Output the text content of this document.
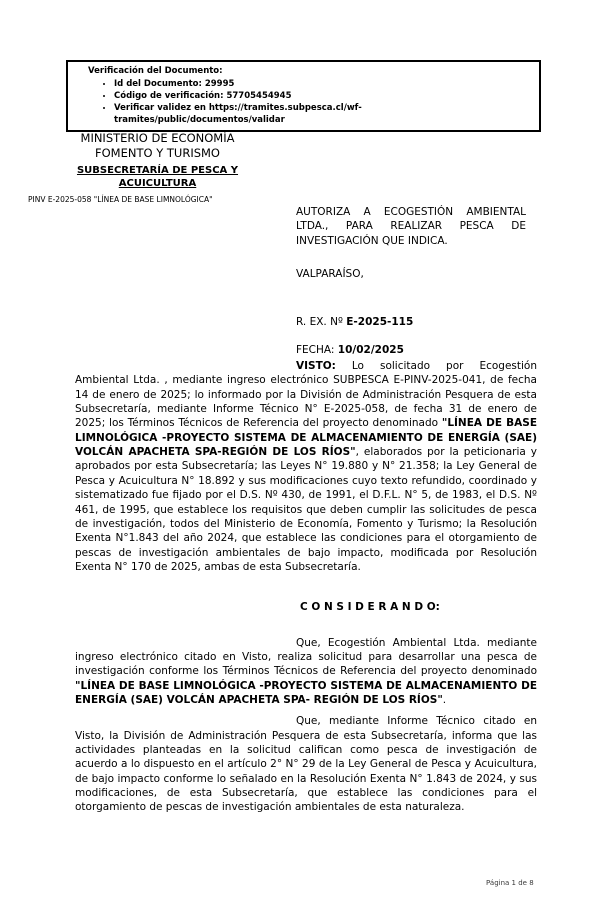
Verificación del Documento:
• Id del Documento: 29995
• Código de verificación: 57705454945
• Verificar validez en https://tramites.subpesca.cl/wf-tramites/public/documentos/validar
MINISTERIO DE ECONOMÍA
FOMENTO Y TURISMO
SUBSECRETARÍA DE PESCA Y
ACUICULTURA
PINV E-2025-058 "LÍNEA DE BASE LIMNOLÓGICA"

AUTORIZA A ECOGESTIÓN AMBIENTAL LTDA., PARA REALIZAR PESCA DE INVESTIGACIÓN QUE INDICA.

VALPARAÍSO,

R. EX. Nº E-2025-115

FECHA: 10/02/2025

VISTO: Lo solicitado por Ecogestión Ambiental Ltda. , mediante ingreso electrónico SUBPESCA E-PINV-2025-041, de fecha 14 de enero de 2025; lo informado por la División de Administración Pesquera de esta Subsecretaría, mediante Informe Técnico N° E-2025-058, de fecha 31 de enero de 2025; los Términos Técnicos de Referencia del proyecto denominado "LÍNEA DE BASE LIMNOLÓGICA -PROYECTO SISTEMA DE ALMACENAMIENTO DE ENERGÍA (SAE) VOLCÁN APACHETA SPA-REGIÓN DE LOS RÍOS", elaborados por la peticionaria y aprobados por esta Subsecretaría; las Leyes N° 19.880 y N° 21.358; la Ley General de Pesca y Acuicultura N° 18.892 y sus modificaciones cuyo texto refundido, coordinado y sistematizado fue fijado por el D.S. Nº 430, de 1991, el D.F.L. N° 5, de 1983, el D.S. Nº 461, de 1995, que establece los requisitos que deben cumplir las solicitudes de pesca de investigación, todos del Ministerio de Economía, Fomento y Turismo; la Resolución Exenta N°1.843 del año 2024, que establece las condiciones para el otorgamiento de pescas de investigación ambientales de bajo impacto, modificada por Resolución Exenta N° 170 de 2025, ambas de esta Subsecretaría.

C O N S I D E R A N D O:

Que, Ecogestión Ambiental Ltda. mediante ingreso electrónico citado en Visto, realiza solicitud para desarrollar una pesca de investigación conforme los Términos Técnicos de Referencia del proyecto denominado "LÍNEA DE BASE LIMNOLÓGICA -PROYECTO SISTEMA DE ALMACENAMIENTO DE ENERGÍA (SAE) VOLCÁN APACHETA SPA- REGIÓN DE LOS RÍOS".

Que, mediante Informe Técnico citado en Visto, la División de Administración Pesquera de esta Subsecretaría, informa que las actividades planteadas en la solicitud califican como pesca de investigación de acuerdo a lo dispuesto en el artículo 2° N° 29 de la Ley General de Pesca y Acuicultura, de bajo impacto conforme lo señalado en la Resolución Exenta N° 1.843 de 2024, y sus modificaciones, de esta Subsecretaría, que establece las condiciones para el otorgamiento de pescas de investigación ambientales de esta naturaleza.

Página 1 de 8
